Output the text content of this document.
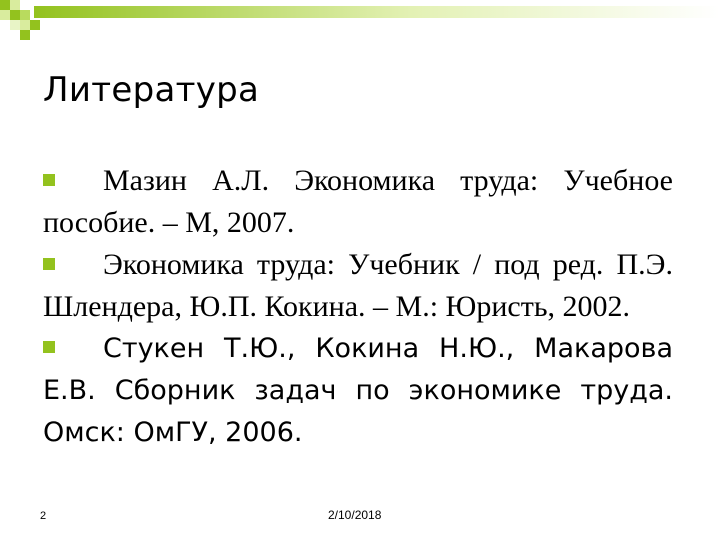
Литература

Мазин А.Л. Экономика труда: Учебное пособие. – М, 2007.

Экономика труда: Учебник / под ред. П.Э. Шлендера, Ю.П. Кокина. – М.: Юристь, 2002.

Стукен Т.Ю., Кокина Н.Ю., Макарова Е.В. Сборник задач по экономике труда. Омск: ОмГУ, 2006.

2	2/10/2018
